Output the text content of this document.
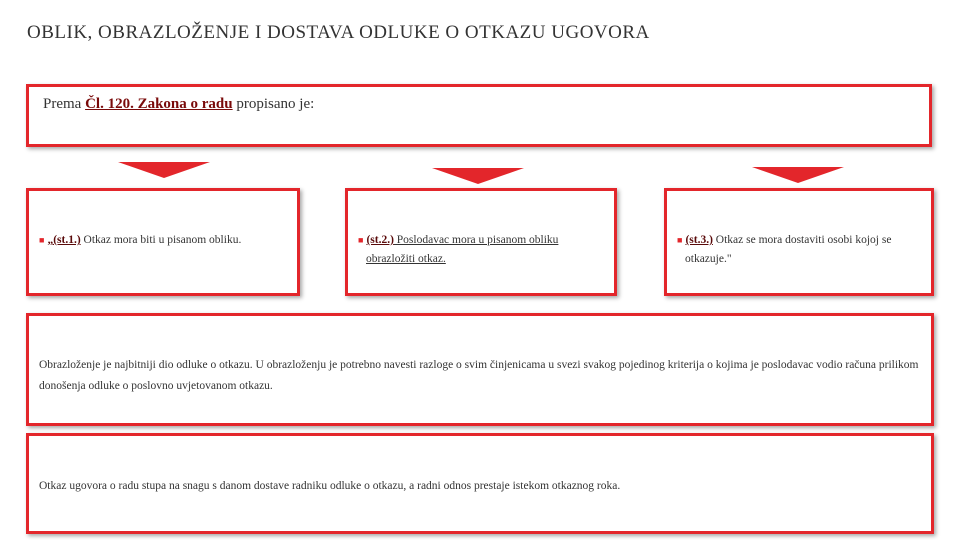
OBLIK, OBRAZLOŽENJE I DOSTAVA ODLUKE O OTKAZU UGOVORA
Prema Čl. 120. Zakona o radu propisano je:
■ „(st.1.) Otkaz mora biti u pisanom obliku.	■ (st.2.) Poslodavac mora u pisanom obliku obrazložiti otkaz.
■ (st.3.) Otkaz se mora dostaviti osobi kojoj se otkazuje."
Obrazloženje je najbitniji dio odluke o otkazu. U obrazloženju je potrebno navesti razloge o svim činjenicama u svezi svakog pojedinog kriterija o kojima je poslodavac vodio računa prilikom donošenja odluke o poslovno uvjetovanom otkazu.
Otkaz ugovora o radu stupa na snagu s danom dostave radniku odluke o otkazu, a radni odnos prestaje istekom otkaznog roka.
